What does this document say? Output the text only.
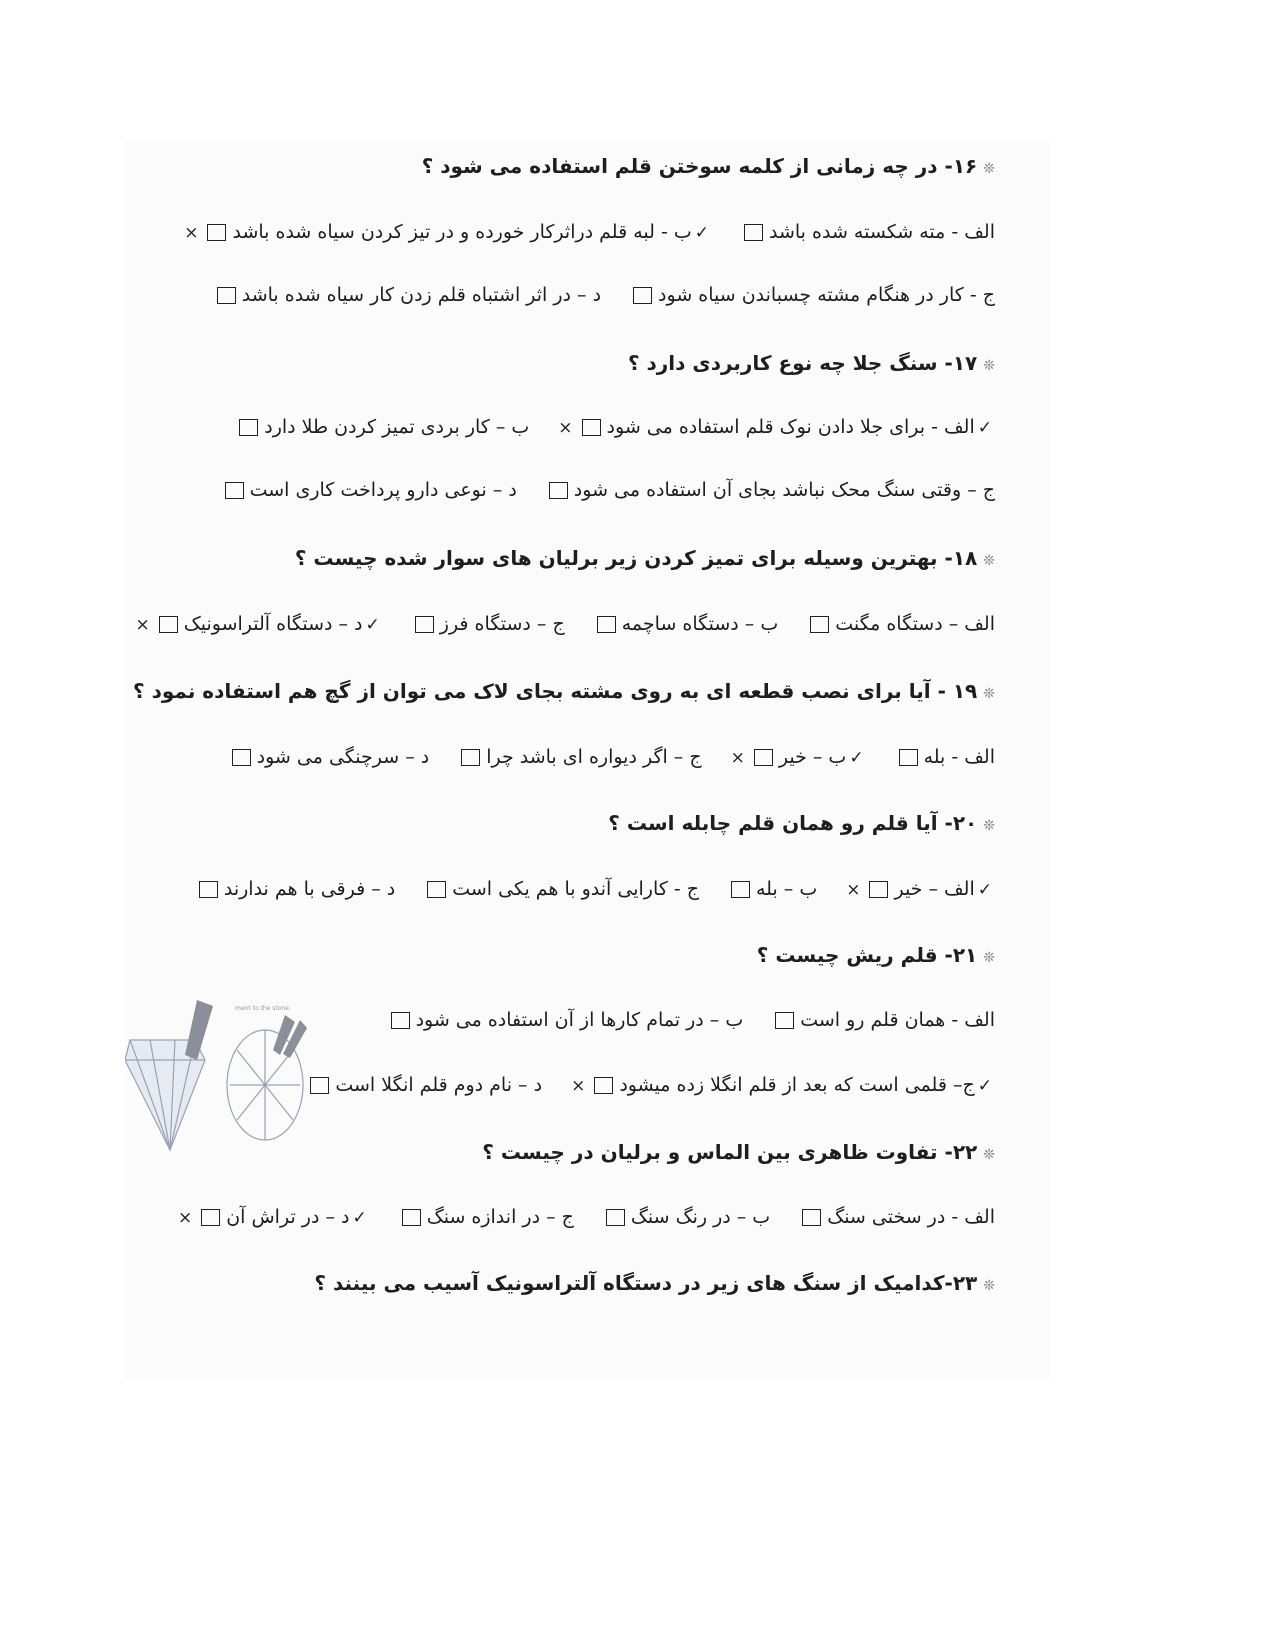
❊۱۶- در چه زمانی از کلمه سوختن قلم استفاده می شود ؟
الف - مته شکسته شده باشد✓ب - لبه قلم دراثرکار خورده و در تیز کردن سیاه شده باشد×
ج - کار در هنگام مشته چسباندن سیاه شودد – در اثر اشتباه قلم زدن کار سیاه شده باشد
❊۱۷- سنگ جلا چه نوع کاربردی دارد ؟
✓الف - برای جلا دادن نوک قلم استفاده می شود×ب – کار بردی تمیز کردن طلا دارد
ج – وقتی سنگ محک نباشد بجای آن استفاده می شودد – نوعی دارو پرداخت کاری است
❊۱۸- بهترین وسیله برای تمیز کردن زیر برلیان های سوار شده چیست ؟
الف – دستگاه مگنتب – دستگاه ساچمهج – دستگاه فرز✓د – دستگاه آلتراسونیک×
❊۱۹ - آیا برای نصب قطعه ای به روی مشته بجای لاک می توان از گچ هم استفاده نمود ؟
الف - بله✓ب – خیر×ج – اگر دیواره ای باشد چراد – سرچنگی می شود
❊۲۰- آیا قلم رو همان قلم چابله است ؟
✓الف – خیر×ب – بلهج - کارایی آندو با هم یکی استد – فرقی با هم ندارند
❊۲۱- قلم ریش چیست ؟
الف - همان قلم رو استب – در تمام کارها از آن استفاده می شود
✓ج– قلمی است که بعد از قلم انگلا زده میشود×د – نام دوم قلم انگلا است
❊۲۲- تفاوت ظاهری بین الماس و برلیان در چیست ؟
الف - در سختی سنگب – در رنگ سنگج – در اندازه سنگ✓د – در تراش آن×
❊۲۳-کدامیک از سنگ های زیر در دستگاه آلتراسونیک آسیب می بینند ؟
ment to the stone.
